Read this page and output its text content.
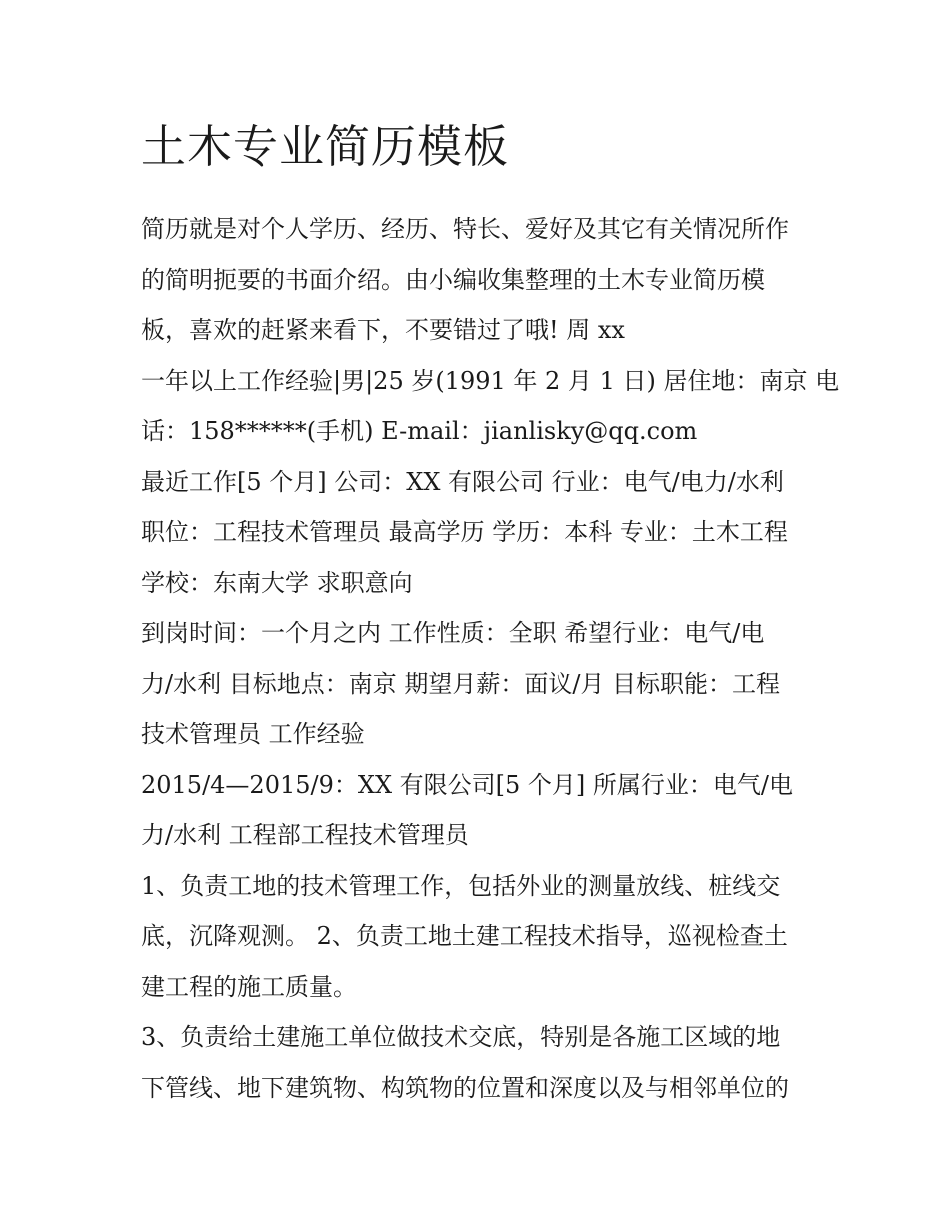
土木专业简历模板

简历就是对个人学历、经历、特长、爱好及其它有关情况所作

的简明扼要的书面介绍。由小编收集整理的土木专业简历模

板，喜欢的赶紧来看下，不要错过了哦! 周 xx

一年以上工作经验|男|25 岁(1991 年 2 月 1 日) 居住地：南京 电

话：158******(手机) E-mail：jianlisky@qq.com

最近工作[5 个月] 公司：XX 有限公司 行业：电气/电力/水利

职位：工程技术管理员 最高学历 学历：本科 专业：土木工程

学校：东南大学 求职意向

到岗时间：一个月之内 工作性质：全职 希望行业：电气/电

力/水利 目标地点：南京 期望月薪：面议/月 目标职能：工程

技术管理员 工作经验

2015/4—2015/9：XX 有限公司[5 个月] 所属行业：电气/电

力/水利 工程部工程技术管理员

1、负责工地的技术管理工作，包括外业的测量放线、桩线交

底，沉降观测。 2、负责工地土建工程技术指导，巡视检查土

建工程的施工质量。

3、负责给土建施工单位做技术交底，特别是各施工区域的地

下管线、地下建筑物、构筑物的位置和深度以及与相邻单位的
